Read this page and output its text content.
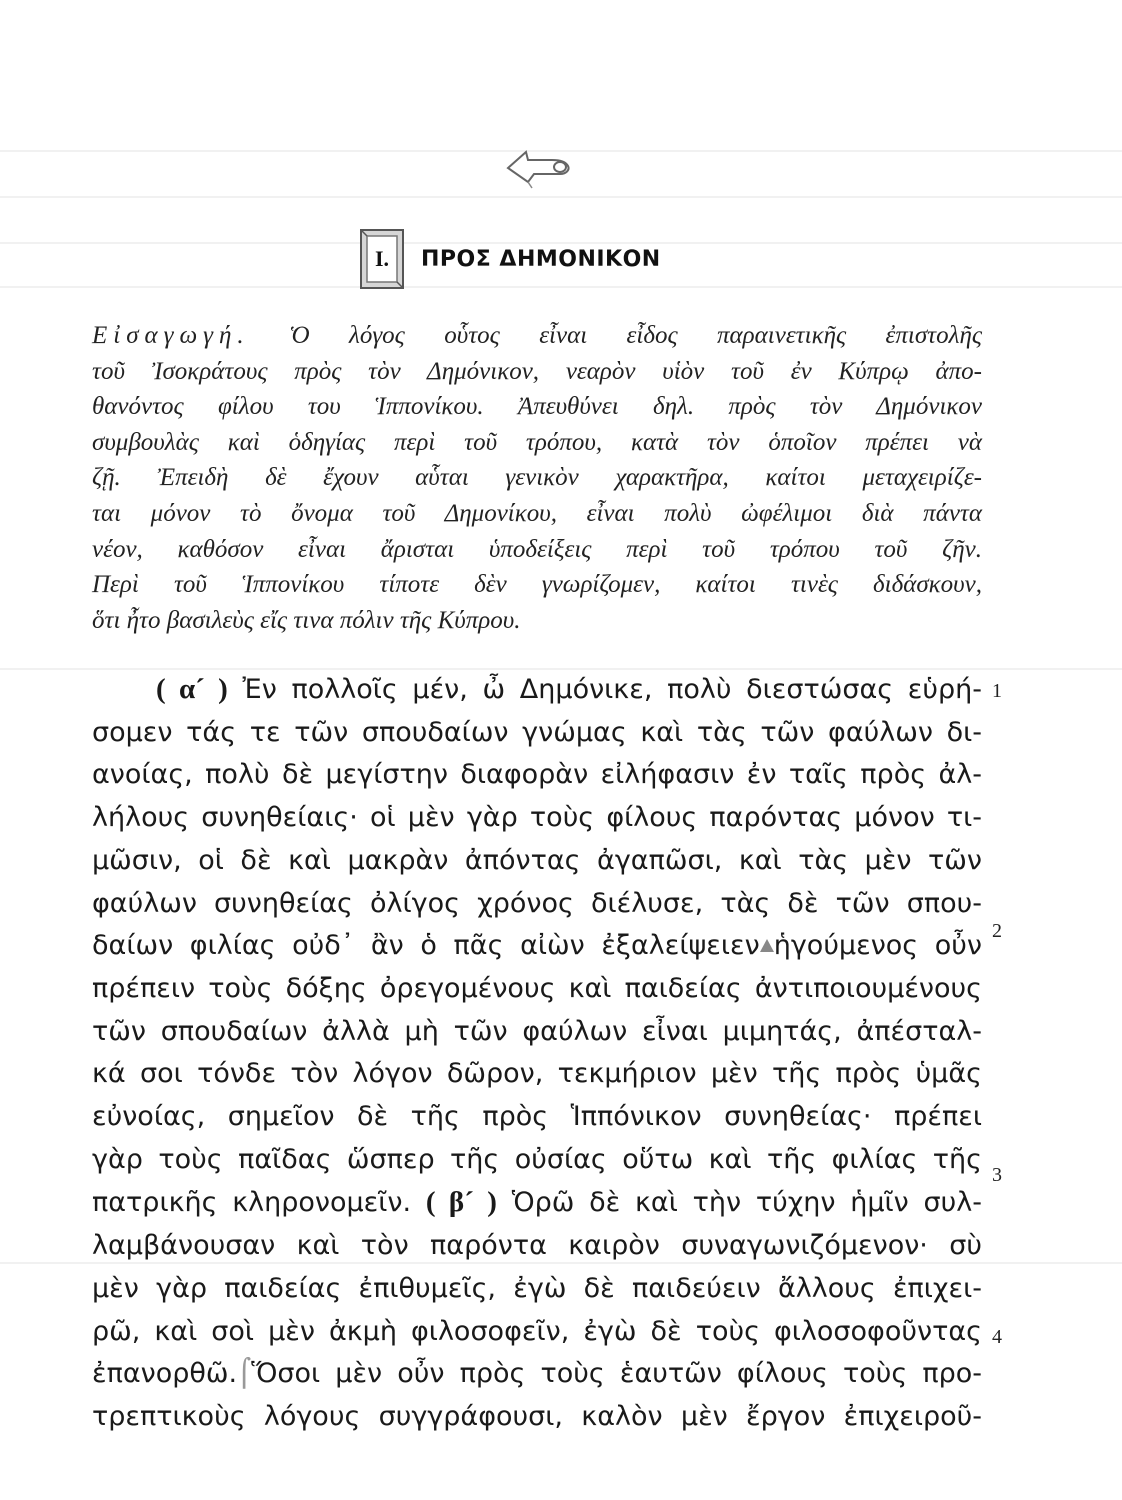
I.	ΠΡΟΣ ΔΗΜΟΝΙΚΟΝ
Εἰσαγωγή. Ὁ λόγος οὗτος εἶναι εἶδος παραινετικῆς ἐπιστολῆς
τοῦ Ἰσοκράτους πρὸς τὸν Δημόνικον, νεαρὸν υἱὸν τοῦ ἐν Κύπρῳ ἀπο-
θανόντος φίλου του Ἱππονίκου. Ἀπευθύνει δηλ. πρὸς τὸν Δημόνικον
συμβουλὰς καὶ ὁδηγίας περὶ τοῦ τρόπου, κατὰ τὸν ὁποῖον πρέπει νὰ
ζῇ. Ἐπειδὴ δὲ ἔχουν αὗται γενικὸν χαρακτῆρα, καίτοι μεταχειρίζε-
ται μόνον τὸ ὄνομα τοῦ Δημονίκου, εἶναι πολὺ ὠφέλιμοι διὰ πάντα
νέον, καθόσον εἶναι ἄρισται ὑποδείξεις περὶ τοῦ τρόπου τοῦ ζῆν.
Περὶ τοῦ Ἱππονίκου τίποτε δὲν γνωρίζομεν, καίτοι τινὲς διδάσκουν,
ὅτι ἦτο βασιλεὺς εἴς τινα πόλιν τῆς Κύπρου.
( α´ ) Ἐν πολλοῖς μέν, ὦ Δημόνικε, πολὺ διεστώσας εὑρή-
σομεν τάς τε τῶν σπουδαίων γνώμας καὶ τὰς τῶν φαύλων δι-
ανοίας, πολὺ δὲ μεγίστην διαφορὰν εἰλήφασιν ἐν ταῖς πρὸς ἀλ-
λήλους συνηθείαις· οἱ μὲν γὰρ τοὺς φίλους παρόντας μόνον τι-
μῶσιν, οἱ δὲ καὶ μακρὰν ἀπόντας ἀγαπῶσι, καὶ τὰς μὲν τῶν
φαύλων συνηθείας ὀλίγος χρόνος διέλυσε, τὰς δὲ τῶν σπου-
δαίων φιλίας οὐδ᾽ ἂν ὁ πᾶς αἰὼν ἐξαλείψειεν ἡγούμενος οὖν
πρέπειν τοὺς δόξης ὀρεγομένους καὶ παιδείας ἀντιποιουμένους
τῶν σπουδαίων ἀλλὰ μὴ τῶν φαύλων εἶναι μιμητάς, ἀπέσταλ-
κά σοι τόνδε τὸν λόγον δῶρον, τεκμήριον μὲν τῆς πρὸς ὑμᾶς
εὐνοίας, σημεῖον δὲ τῆς πρὸς Ἱππόνικον συνηθείας· πρέπει
γὰρ τοὺς παῖδας ὥσπερ τῆς οὐσίας οὕτω καὶ τῆς φιλίας τῆς
πατρικῆς κληρονομεῖν. ( β´ ) Ὁρῶ δὲ καὶ τὴν τύχην ἡμῖν συλ-
λαμβάνουσαν καὶ τὸν παρόντα καιρὸν συναγωνιζόμενον· σὺ
μὲν γὰρ παιδείας ἐπιθυμεῖς, ἐγὼ δὲ παιδεύειν ἄλλους ἐπιχει-
ρῶ, καὶ σοὶ μὲν ἀκμὴ φιλοσοφεῖν, ἐγὼ δὲ τοὺς φιλοσοφοῦντας
ἐπανορθῶ.⌠Ὅσοι μὲν οὖν πρὸς τοὺς ἑαυτῶν φίλους τοὺς προ-
τρεπτικοὺς λόγους συγγράφουσι, καλὸν μὲν ἔργον ἐπιχειροῦ-
1
2
3
4
